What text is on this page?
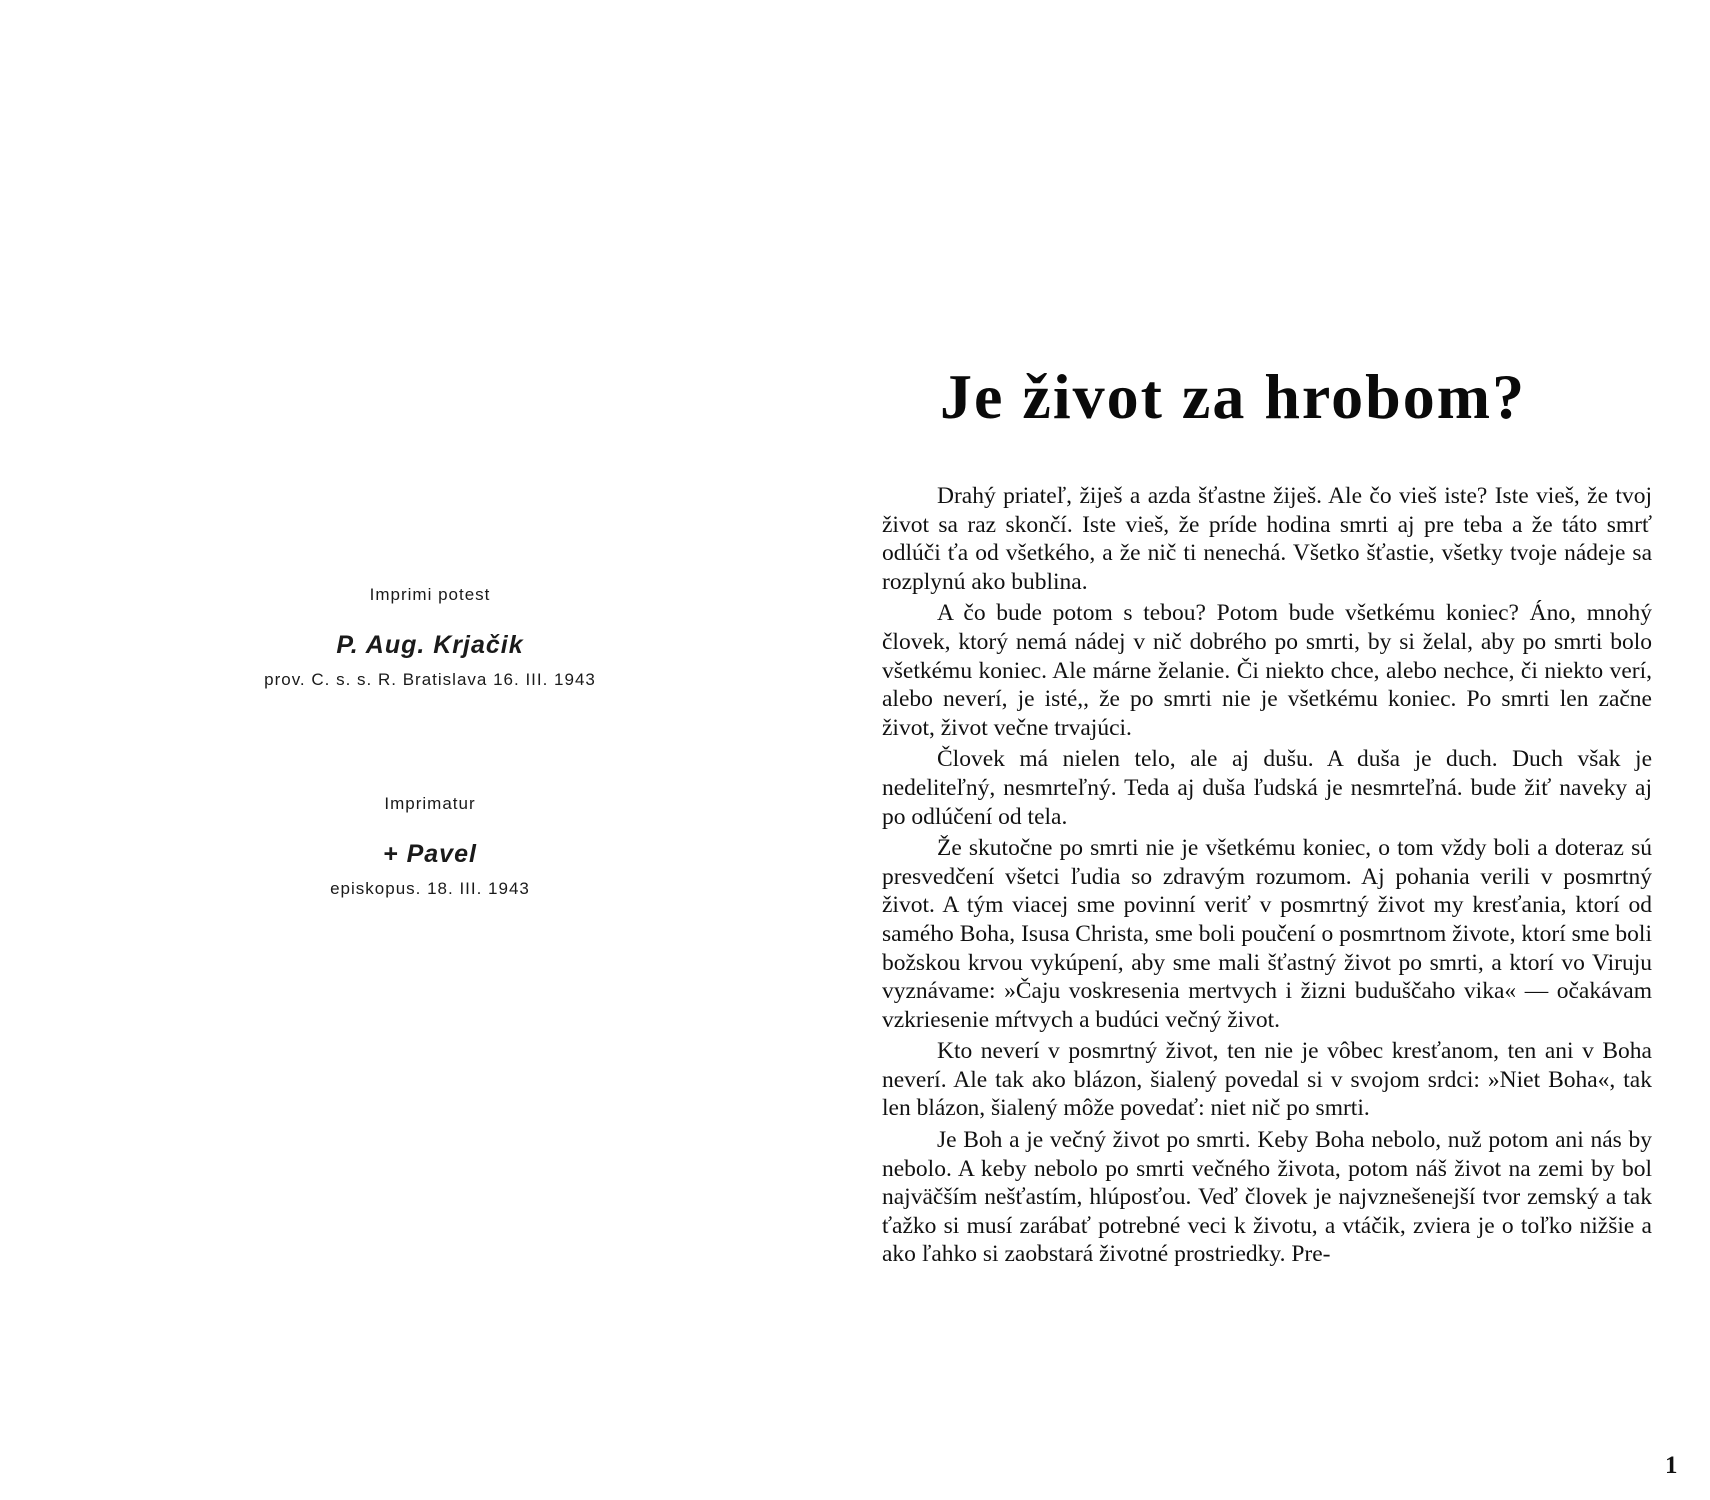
Imprimi potest

P. Aug. Krjačik

prov. C. s. s. R. Bratislava 16. III. 1943

Imprimatur

+ Pavel

episkopus. 18. III. 1943

Je život za hrobom?

Drahý priateľ, žiješ a azda šťastne žiješ. Ale čo vieš iste? Iste vieš, že tvoj život sa raz skončí. Iste vieš, že príde hodina smrti aj pre teba a že táto smrť odlúči ťa od všetkého, a že nič ti nenechá. Všetko šťastie, všetky tvoje nádeje sa rozplynú ako bublina.

A čo bude potom s tebou? Potom bude všetkému koniec? Áno, mnohý človek, ktorý nemá nádej v nič dobrého po smrti, by si želal, aby po smrti bolo všetkému koniec. Ale márne želanie. Či niekto chce, alebo nechce, či niekto verí, alebo neverí, je isté,, že po smrti nie je všetkému koniec. Po smrti len začne život, život večne trvajúci.

Človek má nielen telo, ale aj dušu. A duša je duch. Duch však je nedeliteľný, nesmrteľný. Teda aj duša ľudská je nesmrteľná. bude žiť naveky aj po odlúčení od tela.

Že skutočne po smrti nie je všetkému koniec, o tom vždy boli a doteraz sú presvedčení všetci ľudia so zdravým rozumom. Aj pohania verili v posmrtný život. A tým viacej sme povinní veriť v posmrtný život my kresťania, ktorí od samého Boha, Isusa Christa, sme boli poučení o posmrtnom živote, ktorí sme boli božskou krvou vykúpení, aby sme mali šťastný život po smrti, a ktorí vo Viruju vyznávame: »Čaju voskresenia mertvych i žizni buduščaho vika« — očakávam vzkriesenie mŕtvych a budúci večný život.

Kto neverí v posmrtný život, ten nie je vôbec kresťanom, ten ani v Boha neverí. Ale tak ako blázon, šialený povedal si v svojom srdci: »Niet Boha«, tak len blázon, šialený môže povedať: niet nič po smrti.

Je Boh a je večný život po smrti. Keby Boha nebolo, nuž potom ani nás by nebolo. A keby nebolo po smrti večného života, potom náš život na zemi by bol najväčším nešťastím, hlúposťou. Veď človek je najvznešenejší tvor zemský a tak ťažko si musí zarábať potrebné veci k životu, a vtáčik, zviera je o toľko nižšie a ako ľahko si zaobstará životné prostriedky. Pre-

1
